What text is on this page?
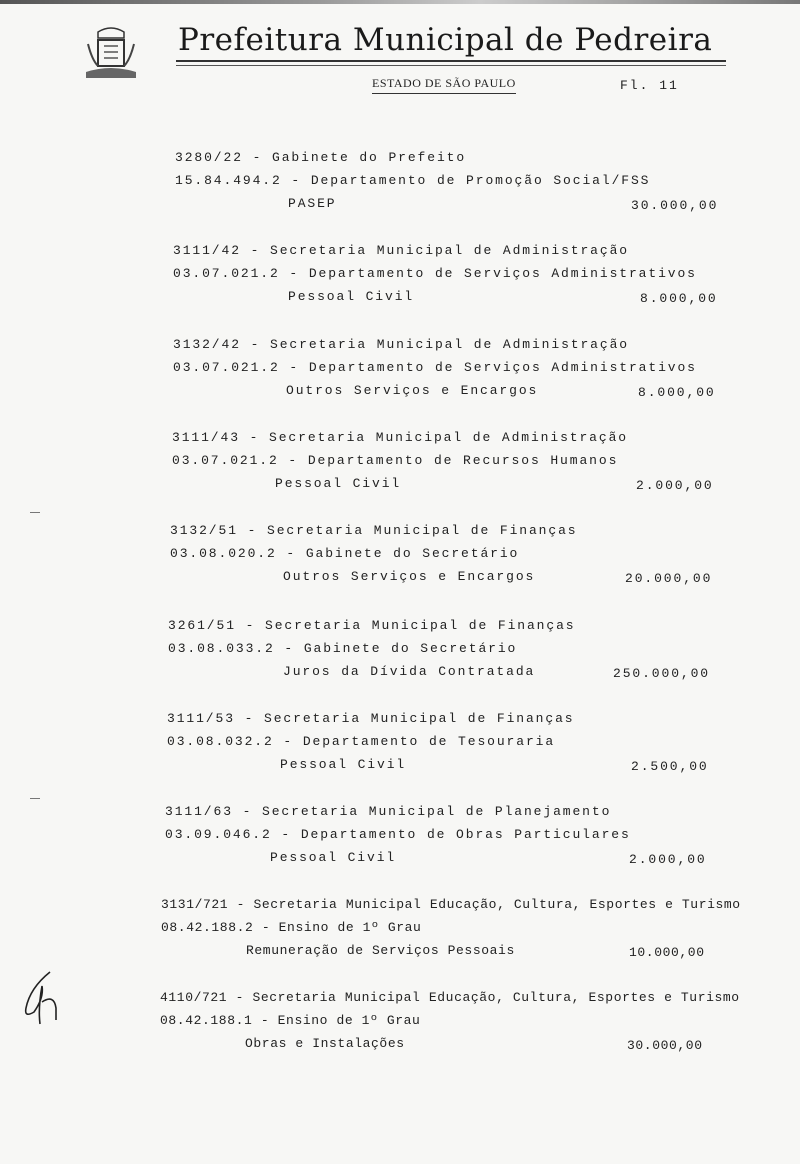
Prefeitura Municipal de Pedreira
ESTADO DE SÃO PAULO	Fl. 11
3280/22 - Gabinete do Prefeito
15.84.494.2 - Departamento de Promoção Social/FSS
PASEP	30.000,00
3111/42 - Secretaria Municipal de Administração
03.07.021.2 - Departamento de Serviços Administrativos
Pessoal Civil	8.000,00
3132/42 - Secretaria Municipal de Administração
03.07.021.2 - Departamento de Serviços Administrativos
Outros Serviços e Encargos	8.000,00
3111/43 - Secretaria Municipal de Administração
03.07.021.2 - Departamento de Recursos Humanos
Pessoal Civil	2.000,00
3132/51 - Secretaria Municipal de Finanças
03.08.020.2 - Gabinete do Secretário
Outros Serviços e Encargos	20.000,00
3261/51 - Secretaria Municipal de Finanças
03.08.033.2 - Gabinete do Secretário
Juros da Dívida Contratada	250.000,00
3111/53 - Secretaria Municipal de Finanças
03.08.032.2 - Departamento de Tesouraria
Pessoal Civil	2.500,00
3111/63 - Secretaria Municipal de Planejamento
03.09.046.2 - Departamento de Obras Particulares
Pessoal Civil	2.000,00
3131/721 - Secretaria Municipal Educação, Cultura, Esportes e Turismo
08.42.188.2 - Ensino de 1º Grau
Remuneração de Serviços Pessoais	10.000,00
4110/721 - Secretaria Municipal Educação, Cultura, Esportes e Turismo
08.42.188.1 - Ensino de 1º Grau
Obras e Instalações	30.000,00
